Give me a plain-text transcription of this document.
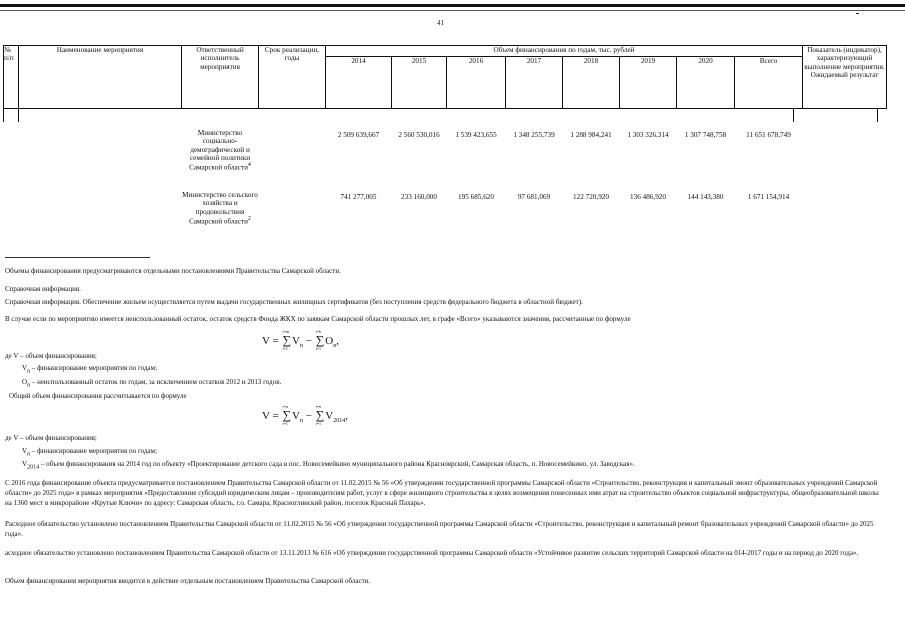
41
№ п/п	Наименование мероприятия	Ответственный исполнитель мероприятия	Срок реализации, годы	Объем финансирования по годам, тыс. рублей								Показатель (индикатор), характеризующий выполнение мероприятия. Ожидаемый результат
				2014	2015	2016	2017	2018	2019	2020	Всего	

		Министерство социально-демографической и семейной политики Самарской области$^4$		2 509 639,667	2 560 530,016	1 539 423,655	1 348 255,739	1 288 984,241	1 303 326,314	1 307 748,758	11 651 678,749	
		Министерство сельского хозяйства и продовольствия Самарской области$^2$		741 277,005	233 160,000	195 685,620	97 681,069	122 720,920	136 486,920	144 143,380	1 671 154,914	
Объемы финансирования предусматриваются отдельными постановлениями Правительства Самарской области.
Справочная информация.
Справочная информация. Обеспечение жильем осуществляется путем выдачи государственных жилищных сертификатов (без поступления средств федерального бюджета в областной бюджет).
В случае если по мероприятию имеется неиспользованный остаток, остаток средств Фонда ЖКХ по заявкам Самарской области прошлых лет, в графе «Всего» указываются значения, рассчитанные по формуле
V = ∑
i=m
i=1
$V_n$ − ∑
i=k
i=1
$O_n$,
де V – объем финансирования;
$V_n$ – финансирование мероприятия по годам;
$O_n$ – неиспользованный остаток по годам, за исключением остатков 2012 и 2013 годов.
Общий объем финансирования рассчитывается по формуле
V = ∑
i=n
i=1
$V_n$ − ∑
i=n
i=1
$V_{2014}$,
де V – объем финансирования;
$V_n$ – финансирование мероприятия по годам;
$V_{2014}$ – объем финансирования на 2014 год по объекту «Проектирование детского сада в пос. Новосемейкино муниципального района Красноярский, Самарская область, п. Новосемейкино, ул. Заводская».
С 2016 года финансирование объекта предусматривается постановлением Правительства Самарской области от 11.02.2015 № 56 «Об утверждении государственной программы Самарской области «Строительство, реконструкция и капитальный эмонт образовательных учреждений Самарской области» до 2025 года» в рамках мероприятия «Предоставление субсидий юридическим лицам – производителям работ, услуг в сфере жилищного строительства в целях возмещения понесенных ими атрат на строительство объектов социальной инфраструктуры, общеобразовательной школы на 1360 мест в микрорайоне «Крутые Ключи» по адресу: Самарская область, г.о. Самара, Красноглинский район, поселок Красный Пахарь».
Расходное обязательство установлено постановлением Правительства Самарской области от 11.02.2015 № 56 «Об утверждении государственной программы Самарской области «Строительство, реконструкция и капитальный ремонт бразовательных учреждений Самарской области» до 2025 года».
асходное обязательство установлено постановлением Правительства Самарской области от 13.11.2013 № 616 «Об утверждении государственной программы Самарской области «Устойчивое развитие сельских территорий Самарской области на 014-2017 годы и на период до 2020 года».
Объем финансирования мероприятия вводится в действие отдельным постановлением Правительства Самарской области.
